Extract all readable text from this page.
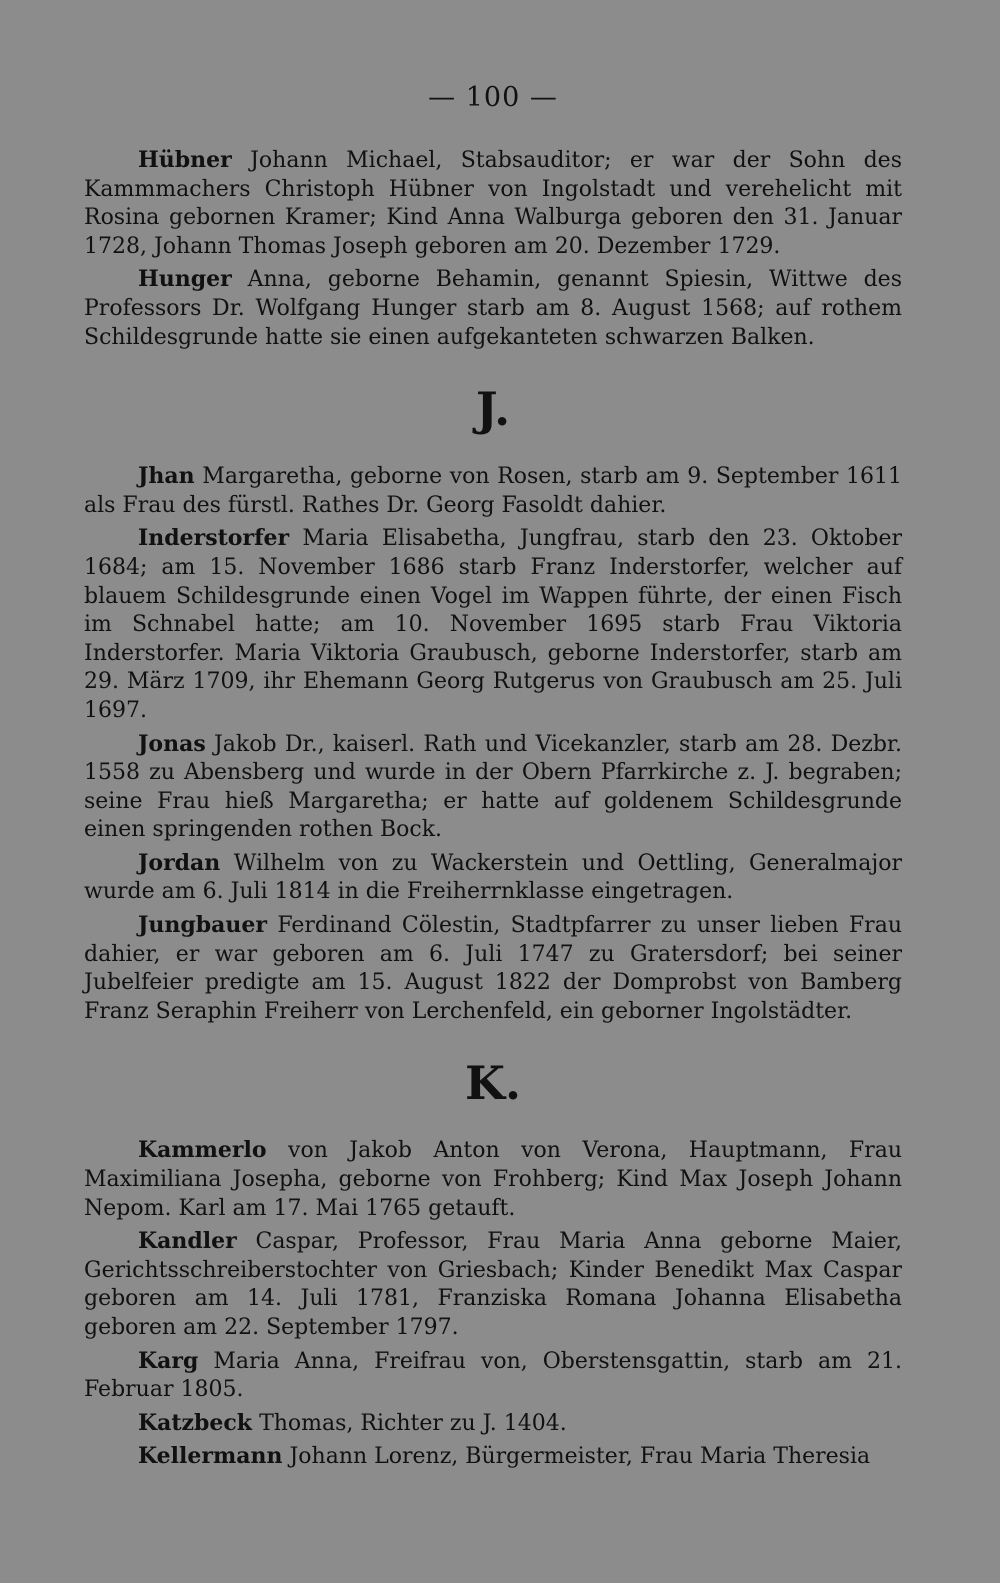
— 100 —

Hübner Johann Michael, Stabsauditor; er war der Sohn des Kammmachers Christoph Hübner von Ingolstadt und verehelicht mit Rosina gebornen Kramer; Kind Anna Walburga geboren den 31. Januar 1728, Johann Thomas Joseph geboren am 20. Dezember 1729.

Hunger Anna, geborne Behamin, genannt Spiesin, Wittwe des Professors Dr. Wolfgang Hunger starb am 8. August 1568; auf rothem Schildesgrunde hatte sie einen aufgekanteten schwarzen Balken.

J.

Jhan Margaretha, geborne von Rosen, starb am 9. September 1611 als Frau des fürstl. Rathes Dr. Georg Fasoldt dahier.

Inderstorfer Maria Elisabetha, Jungfrau, starb den 23. Oktober 1684; am 15. November 1686 starb Franz Inderstorfer, welcher auf blauem Schildesgrunde einen Vogel im Wappen führte, der einen Fisch im Schnabel hatte; am 10. November 1695 starb Frau Viktoria Inderstorfer. Maria Viktoria Graubusch, geborne Inderstorfer, starb am 29. März 1709, ihr Ehemann Georg Rutgerus von Graubusch am 25. Juli 1697.

Jonas Jakob Dr., kaiserl. Rath und Vicekanzler, starb am 28. Dezbr. 1558 zu Abensberg und wurde in der Obern Pfarrkirche z. J. begraben; seine Frau hieß Margaretha; er hatte auf goldenem Schildesgrunde einen springenden rothen Bock.

Jordan Wilhelm von zu Wackerstein und Oettling, Generalmajor wurde am 6. Juli 1814 in die Freiherrnklasse eingetragen.

Jungbauer Ferdinand Cölestin, Stadtpfarrer zu unser lieben Frau dahier, er war geboren am 6. Juli 1747 zu Gratersdorf; bei seiner Jubelfeier predigte am 15. August 1822 der Domprobst von Bamberg Franz Seraphin Freiherr von Lerchenfeld, ein geborner Ingolstädter.

K.

Kammerlo von Jakob Anton von Verona, Hauptmann, Frau Maximiliana Josepha, geborne von Frohberg; Kind Max Joseph Johann Nepom. Karl am 17. Mai 1765 getauft.

Kandler Caspar, Professor, Frau Maria Anna geborne Maier, Gerichtsschreiberstochter von Griesbach; Kinder Benedikt Max Caspar geboren am 14. Juli 1781, Franziska Romana Johanna Elisabetha geboren am 22. September 1797.

Karg Maria Anna, Freifrau von, Oberstensgattin, starb am 21. Februar 1805.

Katzbeck Thomas, Richter zu J. 1404.

Kellermann Johann Lorenz, Bürgermeister, Frau Maria Theresia
